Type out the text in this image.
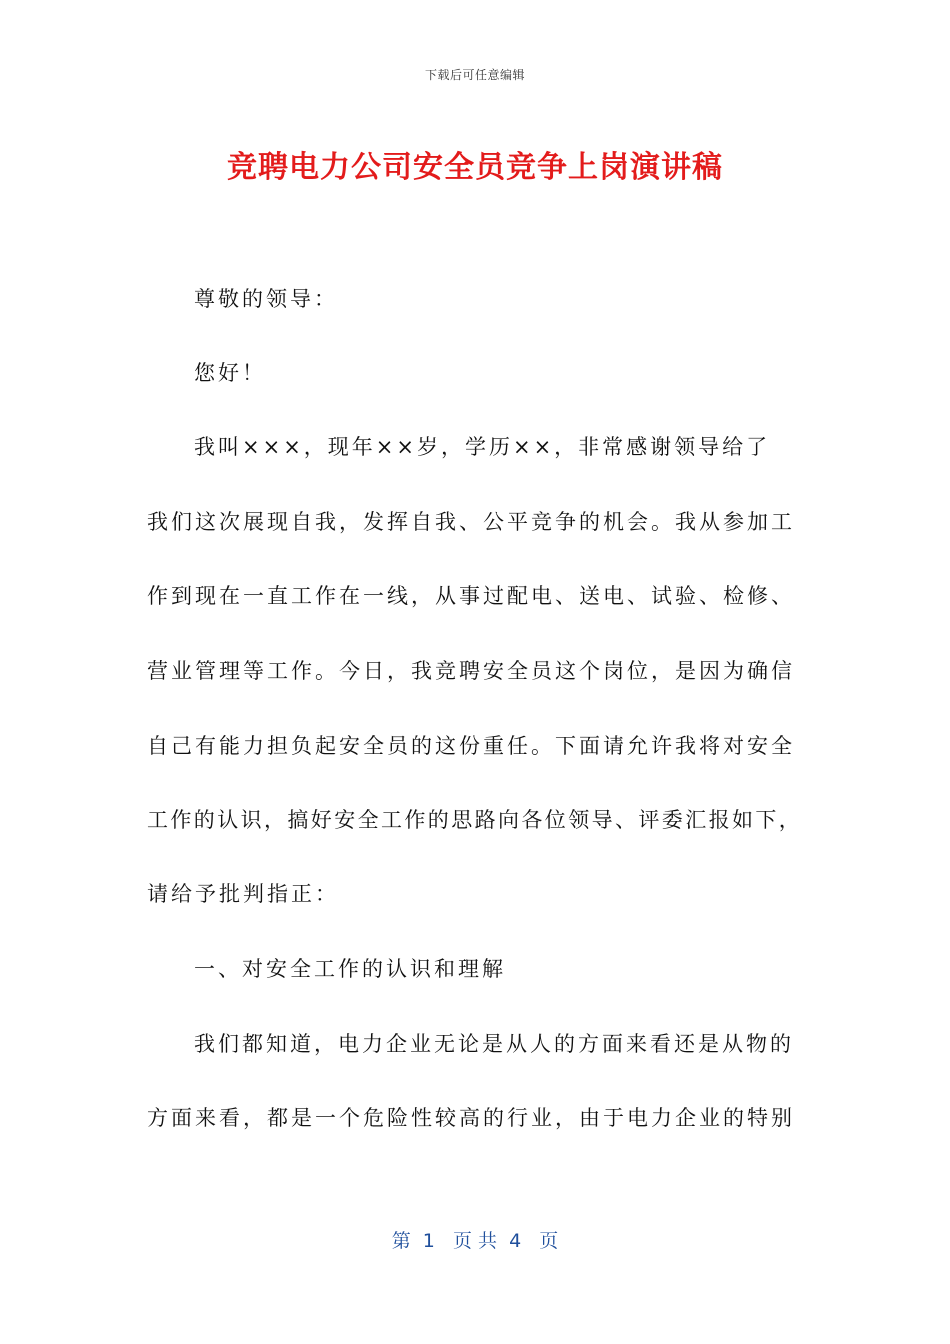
下载后可任意编辑
竞聘电力公司安全员竞争上岗演讲稿
尊敬的领导：
您好！
我叫×××，现年××岁，学历××，非常感谢领导给了
我们这次展现自我，发挥自我、公平竞争的机会。我从参加工
作到现在一直工作在一线，从事过配电、送电、试验、检修、
营业管理等工作。今日，我竞聘安全员这个岗位，是因为确信
自己有能力担负起安全员的这份重任。下面请允许我将对安全
工作的认识，搞好安全工作的思路向各位领导、评委汇报如下，
请给予批判指正：
一、对安全工作的认识和理解
我们都知道，电力企业无论是从人的方面来看还是从物的
方面来看，都是一个危险性较高的行业，由于电力企业的特别
第  1   页 共  4   页
